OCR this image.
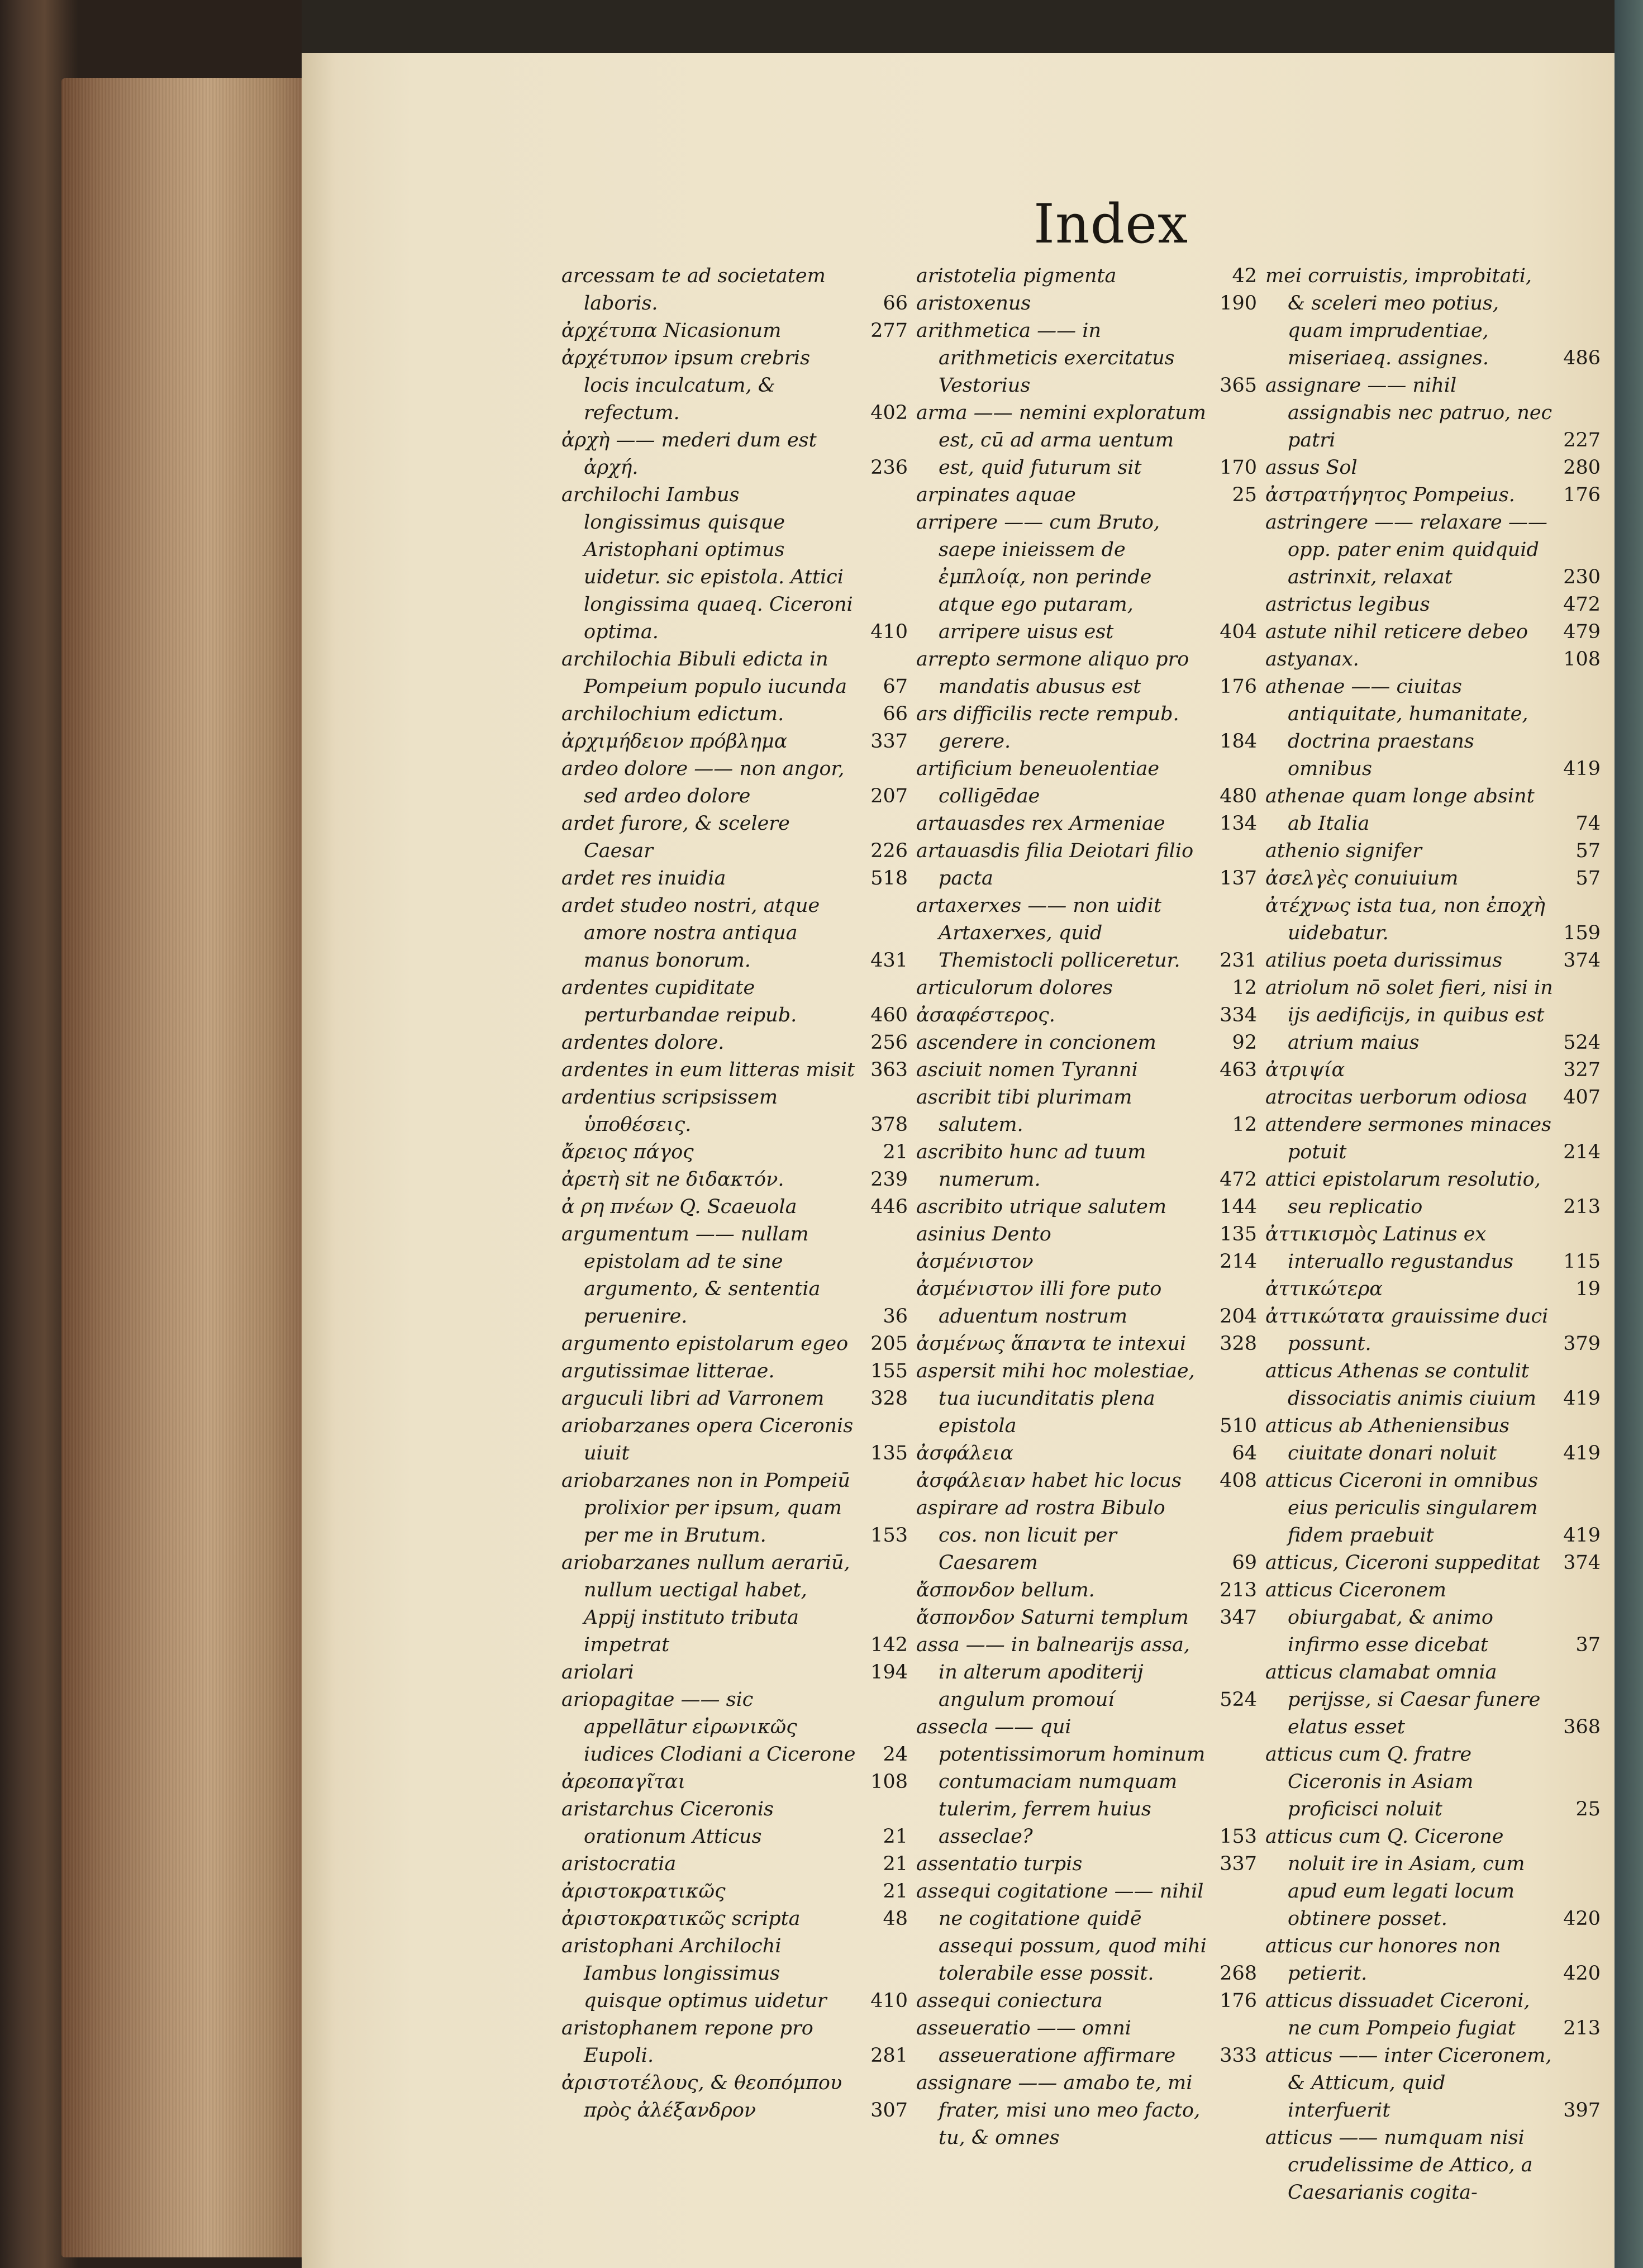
Index
arcessam te ad societatem laboris.	66
ἀρχέτυπα Nicasionum	277
ἀρχέτυπον ipsum crebris locis inculcatum, & refectum.	402
ἀρχὴ —— mederi dum est ἀρχή.	236
archilochi Iambus longissimus quisque Aristophani optimus uidetur. sic epistola. Attici longissima quaeq. Ciceroni optima.	410
archilochia Bibuli edicta in Pompeium populo iucunda	67
archilochium edictum.	66
ἀρχιμήδειον πρόβλημα	337
ardeo dolore —— non angor, sed ardeo dolore	207
ardet furore, & scelere Caesar	226
ardet res inuidia	518
ardet studeo nostri, atque amore nostra antiqua manus bonorum.	431
ardentes cupiditate perturbandae reipub.	460
ardentes dolore.	256
ardentes in eum litteras misit 363
ardentius scripsissem ὑποθέσεις.	378
ἄρειος πάγος	21
ἀρετὴ sit ne διδακτόν.	239
ἀ ρη πνέων Q. Scaeuola	446
argumentum —— nullam epistolam ad te sine argumento, & sententia peruenire.	36
argumento epistolarum egeo	205
argutissimae litterae.	155
arguculi libri ad Varronem	328
ariobarzanes opera Ciceronis uiuit	135
ariobarzanes non in Pompeiū prolixior per ipsum, quam per me in Brutum.	153
ariobarzanes nullum aerariū, nullum uectigal habet, Appij instituto tributa impetrat	142
ariolari	194
ariopagitae —— sic appellātur εἰρωνικῶς iudices Clodiani a Cicerone 24
ἀρεοπαγῖται	108
aristarchus Ciceronis orationum Atticus	21
aristocratia	21
ἀριστοκρατικῶς	21
ἀριστοκρατικῶς scripta	48
aristophani Archilochi Iambus longissimus quisque optimus uidetur	410
aristophanem repone pro Eupoli.	281
ἀριστοτέλους, & θεοπόμπου πρὸς ἀλέξανδρον	307
aristotelia pigmenta	42
aristoxenus	190
arithmetica —— in arithmeticis exercitatus Vestorius	365
arma —— nemini exploratum est, cū ad arma uentum est, quid futurum sit	170
arpinates aquae	25
arripere —— cum Bruto, saepe inieissem de ἐμπλοίᾳ, non perinde atque ego putaram, arripere uisus est	404
arrepto sermone aliquo pro mandatis abusus est	176
ars difficilis recte rempub. gerere.	184
artificium beneuolentiae colligēdae	480
artauasdes rex Armeniae	134
artauasdis filia Deiotari filio pacta	137
artaxerxes —— non uidit Artaxerxes, quid Themistocli polliceretur.	231
articulorum dolores	12
ἀσαφέστερος.	334
ascendere in concionem	92
asciuit nomen Tyranni	463
ascribit tibi plurimam salutem.	12
ascribito hunc ad tuum numerum.	472
ascribito utrique salutem	144
asinius Dento	135
ἀσμένιστον	214
ἀσμένιστον illi fore puto aduentum nostrum	204
ἀσμένως ἅπαντα te intexui	328
aspersit mihi hoc molestiae, tua iucunditatis plena epistola	510
ἀσφάλεια	64
ἀσφάλειαν habet hic locus	408
aspirare ad rostra Bibulo cos. non licuit per Caesarem	69
ἄσπονδον bellum.	213
ἄσπονδον Saturni templum	347
assa —— in balnearijs assa, in alterum apoditerij angulum promouí	524
assecla —— qui potentissimorum hominum contumaciam numquam tulerim, ferrem huius asseclae?	153
assentatio turpis	337
assequi cogitatione —— nihil ne cogitatione quidē assequi possum, quod mihi tolerabile esse possit.	268
assequi coniectura	176
asseueratio —— omni asseueratione affirmare	333
assignare —— amabo te, mi frater, misi uno meo facto, tu, & omnes
mei corruistis, improbitati, & sceleri meo potius, quam imprudentiae, miseriaeq. assignes.	486
assignare —— nihil assignabis nec patruo, nec patri	227
assus Sol	280
ἀστρατήγητος Pompeius.	176
astringere —— relaxare —— opp. pater enim quidquid astrinxit, relaxat	230
astrictus legibus	472
astute nihil reticere debeo	479
astyanax.	108
athenae —— ciuitas antiquitate, humanitate, doctrina praestans omnibus	419
athenae quam longe absint ab Italia	74
athenio signifer	57
ἀσελγὲς conuiuium	57
ἀτέχνως ista tua, non ἐποχὴ uidebatur.	159
atilius poeta durissimus	374
atriolum nō solet fieri, nisi in ijs aedificijs, in quibus est atrium maius	524
ἀτριψία	327
atrocitas uerborum odiosa	407
attendere sermones minaces potuit	214
attici epistolarum resolutio, seu replicatio	213
ἀττικισμὸς Latinus ex interuallo regustandus	115
ἀττικώτερα	19
ἀττικώτατα grauissime duci possunt.	379
atticus Athenas se contulit dissociatis animis ciuium	419
atticus ab Atheniensibus ciuitate donari noluit	419
atticus Ciceroni in omnibus eius periculis singularem fidem praebuit	419
atticus, Ciceroni suppeditat	374
atticus Ciceronem obiurgabat, & animo infirmo esse dicebat	37
atticus clamabat omnia perijsse, si Caesar funere elatus esset	368
atticus cum Q. fratre Ciceronis in Asiam proficisci noluit	25
atticus cum Q. Cicerone noluit ire in Asiam, cum apud eum legati locum obtinere posset.	420
atticus cur honores non petierit.	420
atticus dissuadet Ciceroni, ne cum Pompeio fugiat	213
atticus —— inter Ciceronem, & Atticum, quid interfuerit	397
atticus —— numquam nisi crudelissime de Attico, a Caesarianis cogita-
